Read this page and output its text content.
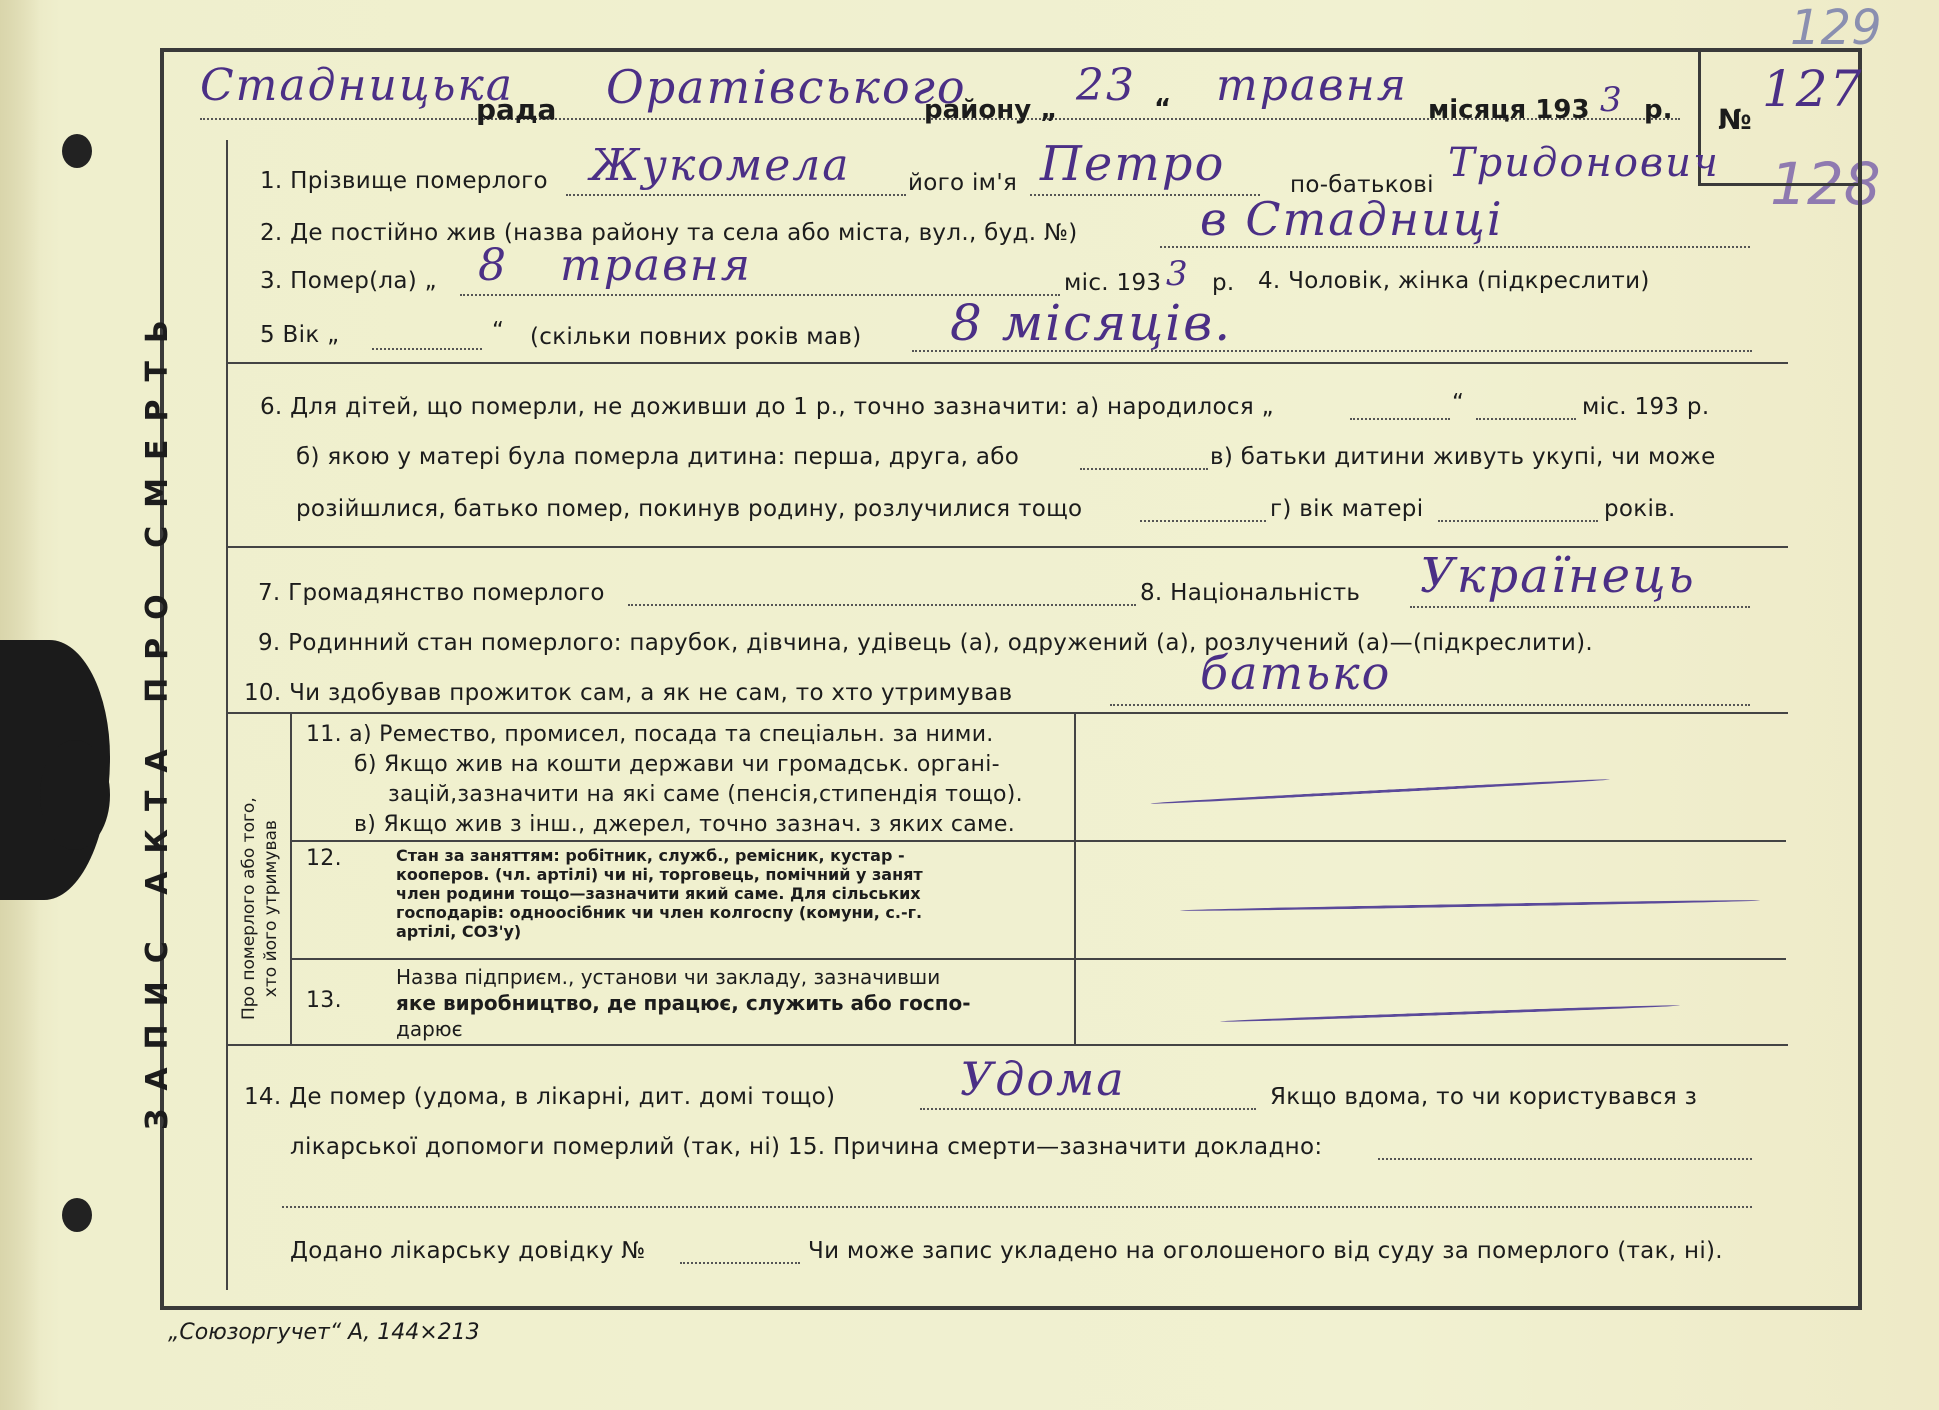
129
128
Стадницька
рада Оратівського
району „ 23 “ травня місяця 193 3 р. №
127
ЗАПИС АКТА ПРО СМЕРТЬ	Про померлого або того, хто його утримував
1. Прізвище померлого Жукомела	його ім'я Петро	по-батькові Тридонович
2. Де постійно жив (назва району та села або міста, вул., буд. №)	в Стадниці
3. Помер(ла) „ 8 травня	міс. 193 3 р. 4. Чоловік, жінка (підкреслити)
5 Вік „	“ (скільки повних років мав) 8 місяців.
6. Для дітей, що померли, не доживши до 1 р., точно зазначити: а) народилося „	“	міс. 193 р.
б) якою у матері була померла дитина: перша, друга, або	в) батьки дитини живуть укупі, чи може
розійшлися, батько помер, покинув родину, розлучилися тощо	г) вік матері	років.
7. Громадянство померлого	8. Національність Українець
9. Родинний стан померлого: парубок, дівчина, удівець (а), одружений (а), розлучений (а)—(підкреслити).
10. Чи здобував прожиток сам, а як не сам, то хто утримував	батько
11. а) Ремество, промисел, посада та спеціальн. за ними.
б) Якщо жив на кошти держави чи громадськ. органі-
зацій,зазначити на які саме (пенсія,стипендія тощо).
в) Якщо жив з інш., джерел, точно зазнач. з яких саме.
12.	Стан за заняттям: робітник, служб., ремісник, кустар -
кооперов. (чл. артілі) чи ні, торговець, помічний у занят
член родини тощо—зазначити який саме. Для сільських
господарів: одноосібник чи член колгоспу (комуни, с.-г.
артілі, СОЗ'у)
13.
Назва підприєм., установи чи закладу, зазначивши
яке виробництво, де працює, служить або госпо-
дарює
14. Де помер (удома, в лікарні, дит. домі тощо)	Удома	Якщо вдома, то чи користувався з
лікарської допомоги померлий (так, ні) 15. Причина смерти—зазначити докладно:
Додано лікарську довідку №	Чи може запис укладено на оголошеного від суду за померлого (так, ні).
„Союзоргучет“ А, 144×213
